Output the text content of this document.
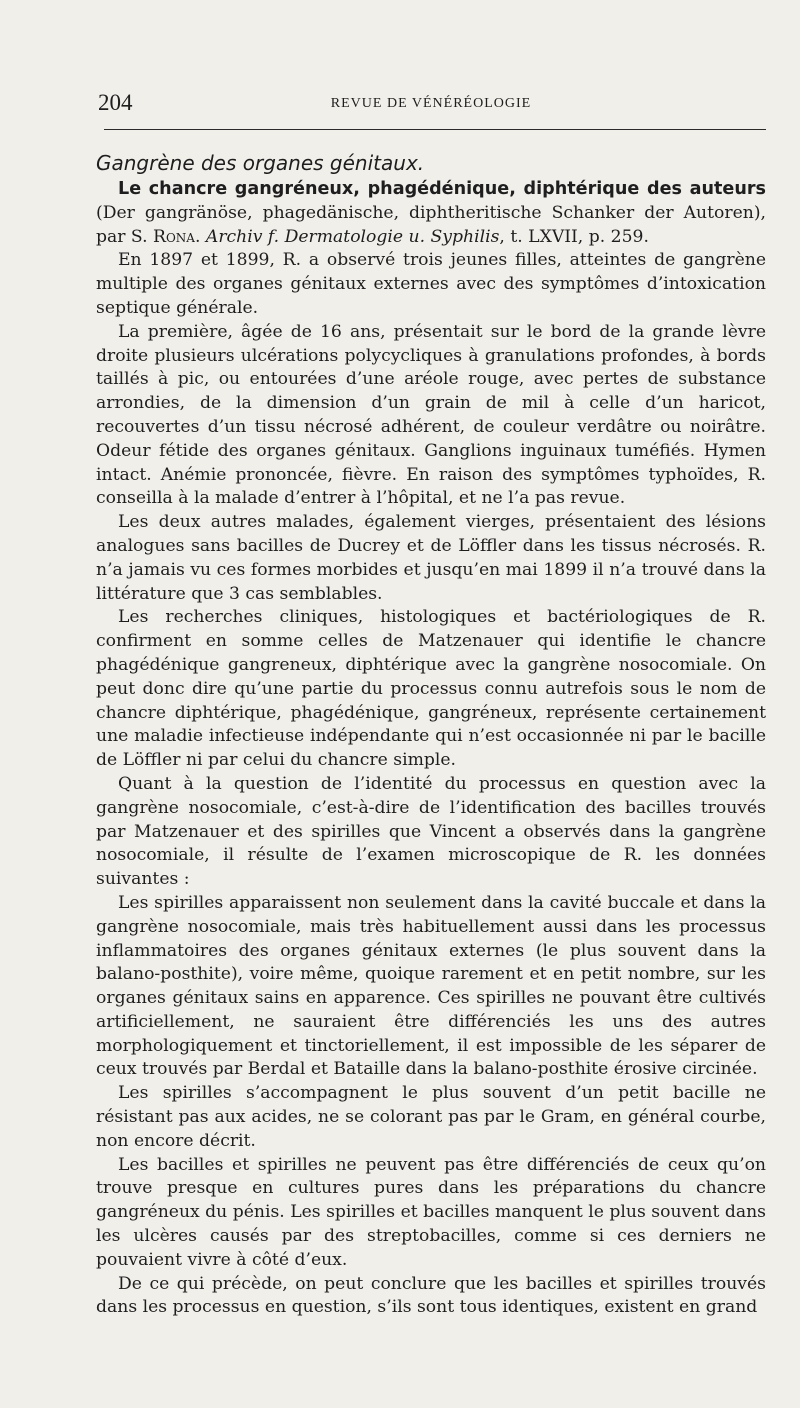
204	REVUE DE VÉNÉRÉOLOGIE
Gangrène des organes génitaux.

Le chancre gangréneux, phagédénique, diphtérique des auteurs (Der gangränöse, phagedänische, diphtheritische Schanker der Autoren), par S. Rona. Archiv f. Dermatologie u. Syphilis, t. LXVII, p. 259.

En 1897 et 1899, R. a observé trois jeunes filles, atteintes de gangrène multiple des organes génitaux externes avec des symptômes d’intoxication septique générale.

La première, âgée de 16 ans, présentait sur le bord de la grande lèvre droite plusieurs ulcérations polycycliques à granulations profondes, à bords taillés à pic, ou entourées d’une aréole rouge, avec pertes de substance arrondies, de la dimension d’un grain de mil à celle d’un haricot, recouvertes d’un tissu nécrosé adhérent, de couleur verdâtre ou noirâtre. Odeur fétide des organes génitaux. Ganglions inguinaux tuméfiés. Hymen intact. Anémie prononcée, fièvre. En raison des symptômes typhoïdes, R. conseilla à la malade d’entrer à l’hôpital, et ne l’a pas revue.

Les deux autres malades, également vierges, présentaient des lésions analogues sans bacilles de Ducrey et de Löffler dans les tissus nécrosés. R. n’a jamais vu ces formes morbides et jusqu’en mai 1899 il n’a trouvé dans la littérature que 3 cas semblables.

Les recherches cliniques, histologiques et bactériologiques de R. confirment en somme celles de Matzenauer qui identifie le chancre phagédénique gangreneux, diphtérique avec la gangrène nosocomiale. On peut donc dire qu’une partie du processus connu autrefois sous le nom de chancre diphtérique, phagédénique, gangréneux, représente certainement une maladie infectieuse indépendante qui n’est occasionnée ni par le bacille de Löffler ni par celui du chancre simple.

Quant à la question de l’identité du processus en question avec la gangrène nosocomiale, c’est-à-dire de l’identification des bacilles trouvés par Matzenauer et des spirilles que Vincent a observés dans la gangrène nosocomiale, il résulte de l’examen microscopique de R. les données suivantes :

Les spirilles apparaissent non seulement dans la cavité buccale et dans la gangrène nosocomiale, mais très habituellement aussi dans les processus inflammatoires des organes génitaux externes (le plus souvent dans la balano-posthite), voire même, quoique rarement et en petit nombre, sur les organes génitaux sains en apparence. Ces spirilles ne pouvant être cultivés artificiellement, ne sauraient être différenciés les uns des autres morphologiquement et tinctoriellement, il est impossible de les séparer de ceux trouvés par Berdal et Bataille dans la balano-posthite érosive circinée.

Les spirilles s’accompagnent le plus souvent d’un petit bacille ne résistant pas aux acides, ne se colorant pas par le Gram, en général courbe, non encore décrit.

Les bacilles et spirilles ne peuvent pas être différenciés de ceux qu’on trouve presque en cultures pures dans les préparations du chancre gangréneux du pénis. Les spirilles et bacilles manquent le plus souvent dans les ulcères causés par des streptobacilles, comme si ces derniers ne pouvaient vivre à côté d’eux.

De ce qui précède, on peut conclure que les bacilles et spirilles trouvés dans les processus en question, s’ils sont tous identiques, existent en grand
